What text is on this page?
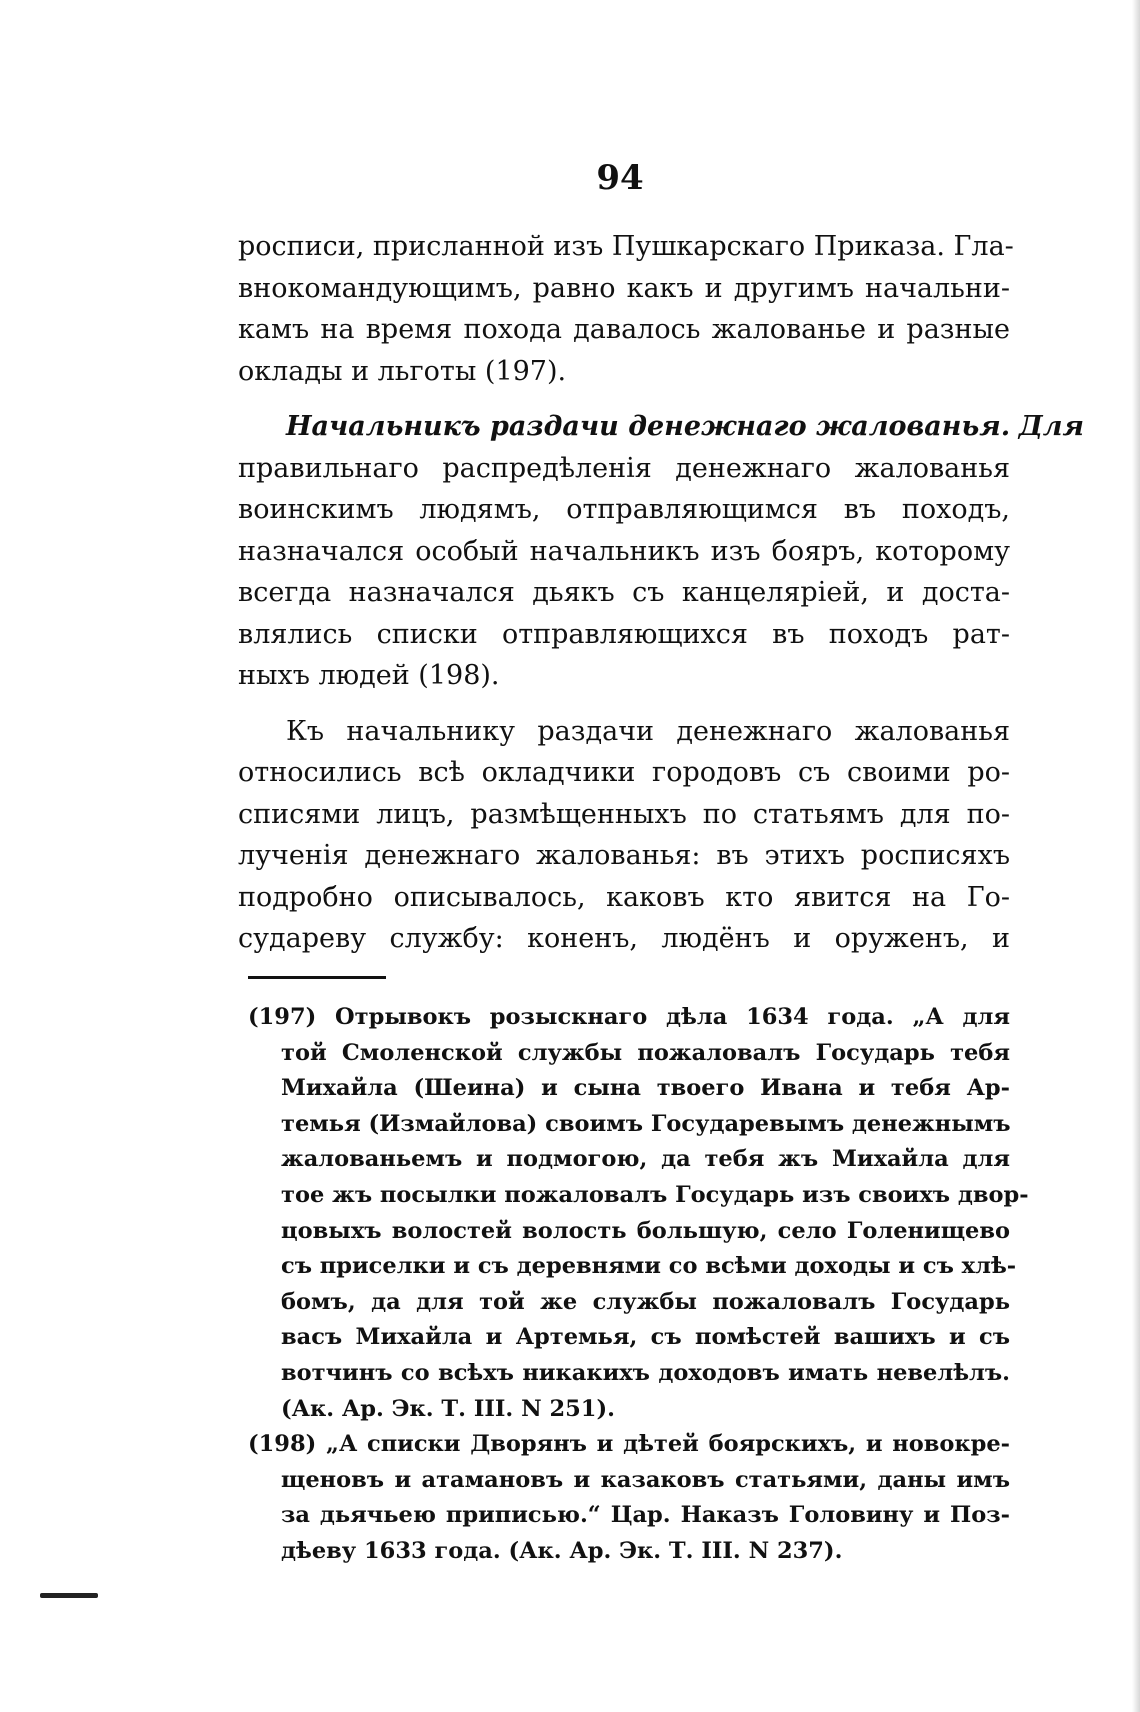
94
росписи, присланной изъ Пушкарскаго Приказа. Гла-
внокомандующимъ, равно какъ и другимъ начальни-
камъ на время похода давалось жалованье и разные
оклады и льготы (197).
Начальникъ раздачи денежнаго жалованья. Для
правильнаго распредѣленія денежнаго жалованья
воинскимъ людямъ, отправляющимся въ походъ,
назначался особый начальникъ изъ бояръ, которому
всегда назначался дьякъ съ канцеляріей, и доста-
влялись списки отправляющихся въ походъ рат-
ныхъ людей (198).
Къ начальнику раздачи денежнаго жалованья
относились всѣ окладчики городовъ съ своими ро-
списями лицъ, размѣщенныхъ по статьямъ для по-
лученія денежнаго жалованья: въ этихъ росписяхъ
подробно описывалось, каковъ кто явится на Го-
судареву службу: коненъ, людёнъ и оруженъ, и
(197) Отрывокъ розыскнаго дѣла 1634 года. „А для
той Смоленской службы пожаловалъ Государь тебя
Михайла (Шеина) и сына твоего Ивана и тебя Ар-
темья (Измайлова) своимъ Государевымъ денежнымъ
жалованьемъ и подмогою, да тебя жъ Михайла для
тое жъ посылки пожаловалъ Государь изъ своихъ двор-
цовыхъ волостей волость большую, село Голенищево
съ приселки и съ деревнями со всѣми доходы и съ хлѣ-
бомъ, да для той же службы пожаловалъ Государь
васъ Михайла и Артемья, съ помѣстей вашихъ и съ
вотчинъ со всѣхъ никакихъ доходовъ имать невелѣлъ.
(Ак. Ар. Эк. Т. III. N 251).
(198) „А списки Дворянъ и дѣтей боярскихъ, и новокре-
щеновъ и атамановъ и казаковъ статьями, даны имъ
за дьячьею приписью.“ Цар. Наказъ Головину и Поз-
дѣеву 1633 года. (Ак. Ар. Эк. Т. III. N 237).
